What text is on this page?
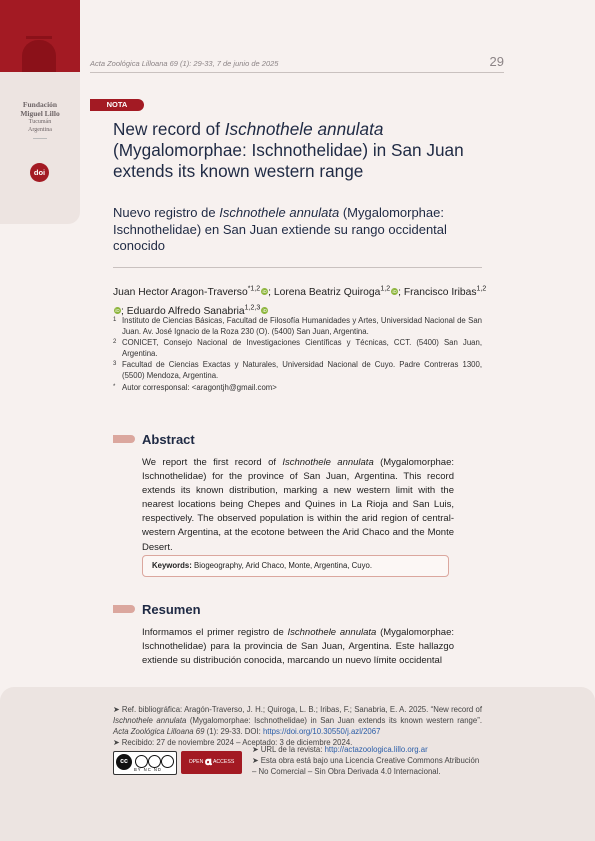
Fundación
Miguel Lillo
Tucumán
Argentina
doi
Acta Zoológica Lilloana 69 (1): 29-33, 7 de junio de 2025	29
NOTA
New record of Ischnothele annulata (Mygalomorphae: Ischnothelidae) in San Juan extends its known western range
Nuevo registro de Ischnothele annulata (Mygalomorphae: Ischnothelidae) en San Juan extiende su rango occidental conocido
Juan Hector Aragon-Traverso$^{*1,2}$ iD; Lorena Beatriz Quiroga$^{1,2}$ iD; Francisco Iribas$^{1,2}$iD; Eduardo Alfredo Sanabria$^{1,2,3}$ iD
1 Instituto de Ciencias Básicas, Facultad de Filosofía Humanidades y Artes, Universidad Nacional de San Juan. Av. José Ignacio de la Roza 230 (O). (5400) San Juan, Argentina.
2 CONICET, Consejo Nacional de Investigaciones Científicas y Técnicas, CCT. (5400) San Juan, Argentina.
3 Facultad de Ciencias Exactas y Naturales, Universidad Nacional de Cuyo. Padre Contreras 1300, (5500) Mendoza, Argentina.
* Autor corresponsal: <aragontjh@gmail.com>
Abstract
We report the first record of Ischnothele annulata (Mygalomorphae: Ischnothelidae) for the province of San Juan, Argentina. This record extends its known distribution, marking a new western limit with the nearest locations being Chepes and Quines in La Rioja and San Luis, respectively. The observed population is within the arid region of central-western Argentina, at the ecotone between the Arid Chaco and the Monte Desert.
Keywords: Biogeography, Arid Chaco, Monte, Argentina, Cuyo.
Resumen
Informamos el primer registro de Ischnothele annulata (Mygalomorphae: Ischnothelidae) para la provincia de San Juan, Argentina. Este hallazgo extiende su distribución conocida, marcando un nuevo límite occidental
➤ Ref. bibliográfica: Aragón-Traverso, J. H.; Quiroga, L. B.; Iribas, F.; Sanabria, E. A. 2025. “New record of Ischnothele annulata (Mygalomorphae: Ischnothelidae) in San Juan extends its known western range”. Acta Zoológica Lilloana 69 (1): 29-33. DOI: https://doi.org/10.30550/j.azl/2067
➤ Recibido: 27 de noviembre 2024 – Aceptado: 3 de diciembre 2024.
cc
BY NC ND
OPEN 𝛂 ACCESS
➤ URL de la revista: http://actazoologica.lillo.org.ar
➤ Esta obra está bajo una Licencia Creative Commons Atribución – No Comercial – Sin Obra Derivada 4.0 Internacional.
